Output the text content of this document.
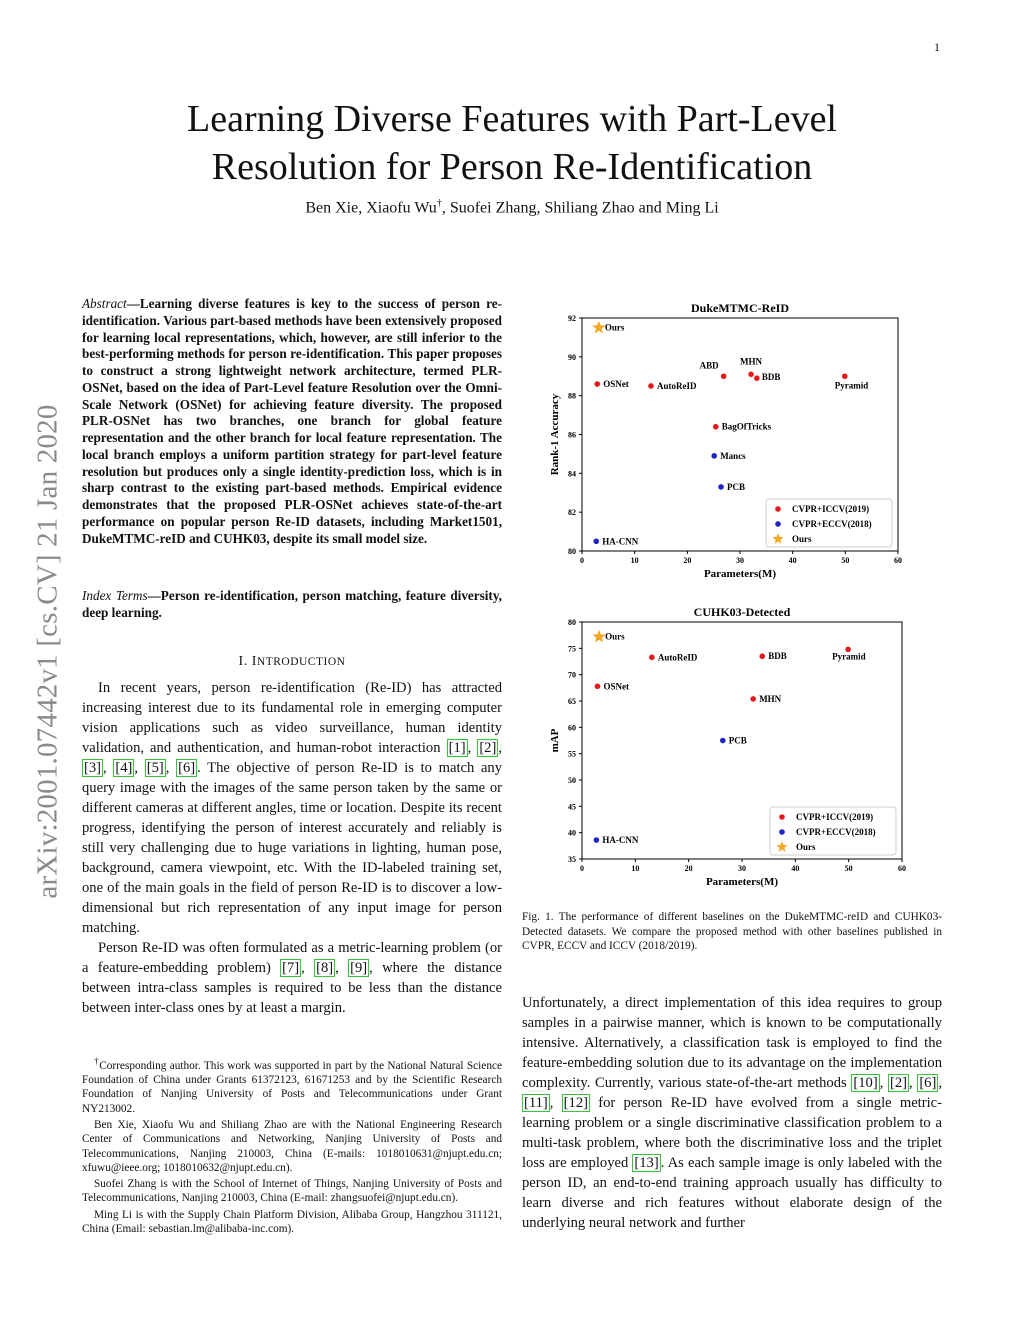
1
arXiv:2001.07442v1 [cs.CV] 21 Jan 2020
Learning Diverse Features with Part-Level
Resolution for Person Re-Identification
Ben Xie, Xiaofu Wu†, Suofei Zhang, Shiliang Zhao and Ming Li
Abstract—Learning diverse features is key to the success of person re-identification. Various part-based methods have been extensively proposed for learning local representations, which, however, are still inferior to the best-performing methods for person re-identification. This paper proposes to construct a strong lightweight network architecture, termed PLR-OSNet, based on the idea of Part-Level feature Resolution over the Omni-Scale Network (OSNet) for achieving feature diversity. The proposed PLR-OSNet has two branches, one branch for global feature representation and the other branch for local feature representation. The local branch employs a uniform partition strategy for part-level feature resolution but produces only a single identity-prediction loss, which is in sharp contrast to the existing part-based methods. Empirical evidence demonstrates that the proposed PLR-OSNet achieves state-of-the-art performance on popular person Re-ID datasets, including Market1501, DukeMTMC-reID and CUHK03, despite its small model size.
Index Terms—Person re-identification, person matching, feature diversity, deep learning.
I. INTRODUCTION

In recent years, person re-identification (Re-ID) has attracted increasing interest due to its fundamental role in emerging computer vision applications such as video surveillance, human identity validation, and authentication, and human-robot interaction [1] , [2] , [3] , [4] , [5] , [6] . The objective of person Re-ID is to match any query image with the images of the same person taken by the same or different cameras at different angles, time or location. Despite its recent progress, identifying the person of interest accurately and reliably is still very challenging due to huge variations in lighting, human pose, background, camera viewpoint, etc. With the ID-labeled training set, one of the main goals in the field of person Re-ID is to discover a low-dimensional but rich representation of any input image for person matching.

Person Re-ID was often formulated as a metric-learning problem (or a feature-embedding problem) [7] , [8] , [9] , where the distance between intra-class samples is required to be less than the distance between inter-class ones by at least a margin.

†Corresponding author. This work was supported in part by the National Natural Science Foundation of China under Grants 61372123, 61671253 and by the Scientific Research Foundation of Nanjing University of Posts and Telecommunications under Grant NY213002.

Ben Xie, Xiaofu Wu and Shiliang Zhao are with the National Engineering Research Center of Communications and Networking, Nanjing University of Posts and Telecommunications, Nanjing 210003, China (E-mails: 1018010631@njupt.edu.cn; xfuwu@ieee.org; 1018010632@njupt.edu.cn).

Suofei Zhang is with the School of Internet of Things, Nanjing University of Posts and Telecommunications, Nanjing 210003, China (E-mail: zhangsuofei@njupt.edu.cn).

Ming Li is with the Supply Chain Platform Division, Alibaba Group, Hangzhou 311121, China (Email: sebastian.lm@alibaba-inc.com).

DukeMTMC-ReID
0	10	20	30	40	50	60
80
82
84
86
88
90
92
Parameters(M)
Rank-1 Accuracy
Ours
OSNet	AutoReID
ABD MHN
BDB
Pyramid
BagOfTricks
Mancs
PCB
HA-CNN
CVPR+ICCV(2019)
CVPR+ECCV(2018)
Ours
CUHK03-Detected
0	10	20	30	40	50	60
35
40
45
50
55
60
65
70
75
80
Parameters(M)
mAP
Ours
AutoReID	BDB	Pyramid
OSNet
MHN
PCB
HA-CNN
CVPR+ICCV(2019)
CVPR+ECCV(2018)
Ours
Fig. 1. The performance of different baselines on the DukeMTMC-reID and CUHK03-Detected datasets. We compare the proposed method with other baselines published in CVPR, ECCV and ICCV (2018/2019).
Unfortunately, a direct implementation of this idea requires to group samples in a pairwise manner, which is known to be computationally intensive. Alternatively, a classification task is employed to find the feature-embedding solution due to its advantage on the implementation complexity. Currently, various state-of-the-art methods [10] , [2] , [6] , [11] , [12] for person Re-ID have evolved from a single metric-learning problem or a single discriminative classification problem to a multi-task problem, where both the discriminative loss and the triplet loss are employed [13] . As each sample image is only labeled with the person ID, an end-to-end training approach usually has difficulty to learn diverse and rich features without elaborate design of the underlying neural network and further
